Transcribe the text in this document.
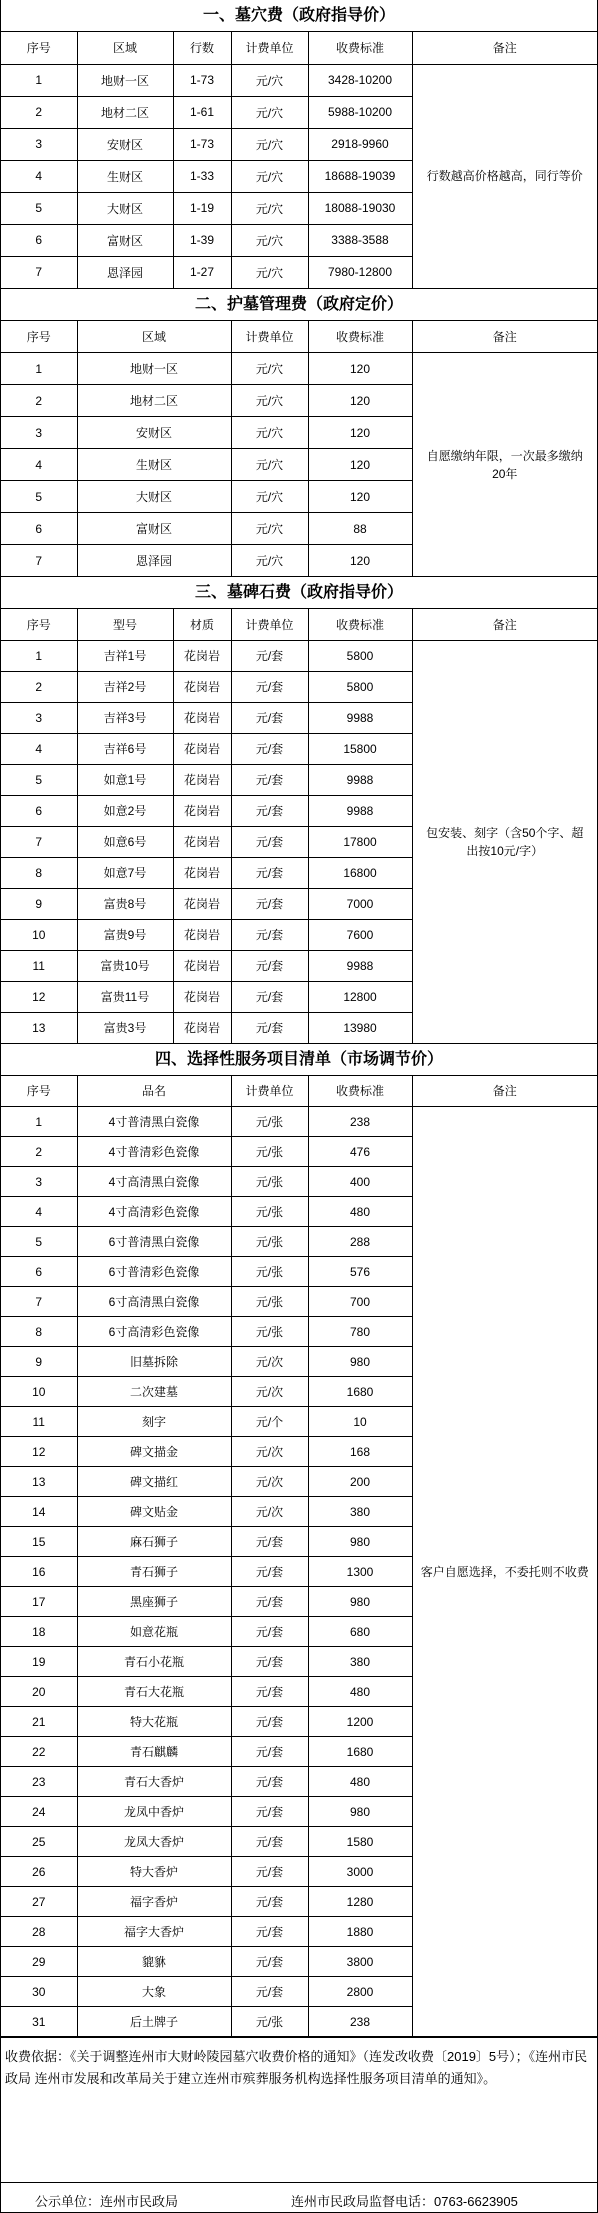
一、墓穴费（政府指导价）
序号	区域	行数	计费单位	收费标准	备注
1	地财一区	1-73	元/穴	3428-10200	行数越高价格越高，同行等价
2	地材二区	1-61	元/穴	5988-10200	
3	安财区	1-73	元/穴	2918-9960	
4	生财区	1-33	元/穴	18688-19039	
5	大财区	1-19	元/穴	18088-19030	
6	富财区	1-39	元/穴	3388-3588	
7	恩泽园	1-27	元/穴	7980-12800	
二、护墓管理费（政府定价）
序号	区域	计费单位	收费标准	备注
1	地财一区	元/穴	120	自愿缴纳年限，一次最多缴纳20年
2	地材二区	元/穴	120	
3	安财区	元/穴	120	
4	生财区	元/穴	120	
5	大财区	元/穴	120	
6	富财区	元/穴	88	
7	恩泽园	元/穴	120	
三、墓碑石费（政府指导价）
序号	型号	材质	计费单位	收费标准	备注
1	吉祥1号	花岗岩	元/套	5800	包安装、刻字（含50个字、超出按10元/字）
2	吉祥2号	花岗岩	元/套	5800	
3	吉祥3号	花岗岩	元/套	9988	
4	吉祥6号	花岗岩	元/套	15800	
5	如意1号	花岗岩	元/套	9988	
6	如意2号	花岗岩	元/套	9988	
7	如意6号	花岗岩	元/套	17800	
8	如意7号	花岗岩	元/套	16800	
9	富贵8号	花岗岩	元/套	7000	
10	富贵9号	花岗岩	元/套	7600	
11	富贵10号	花岗岩	元/套	9988	
12	富贵11号	花岗岩	元/套	12800	
13	富贵3号	花岗岩	元/套	13980	
四、选择性服务项目清单（市场调节价）
序号	品名	计费单位	收费标准	备注
1	4寸普清黑白瓷像	元/张	238	客户自愿选择，不委托则不收费
2	4寸普清彩色瓷像	元/张	476	
3	4寸高清黑白瓷像	元/张	400	
4	4寸高清彩色瓷像	元/张	480	
5	6寸普清黑白瓷像	元/张	288	
6	6寸普清彩色瓷像	元/张	576	
7	6寸高清黑白瓷像	元/张	700	
8	6寸高清彩色瓷像	元/张	780	
9	旧墓拆除	元/次	980	
10	二次建墓	元/次	1680	
11	刻字	元/个	10	
12	碑文描金	元/次	168	
13	碑文描红	元/次	200	
14	碑文贴金	元/次	380	
15	麻石狮子	元/套	980	
16	青石狮子	元/套	1300	
17	黑座狮子	元/套	980	
18	如意花瓶	元/套	680	
19	青石小花瓶	元/套	380	
20	青石大花瓶	元/套	480	
21	特大花瓶	元/套	1200	
22	青石麒麟	元/套	1680	
23	青石大香炉	元/套	480	
24	龙凤中香炉	元/套	980	
25	龙凤大香炉	元/套	1580	
26	特大香炉	元/套	3000	
27	福字香炉	元/套	1280	
28	福字大香炉	元/套	1880	
29	貔貅	元/套	3800	
30	大象	元/套	2800	
31	后土牌子	元/张	238	
收费依据：《关于调整连州市大财岭陵园墓穴收费价格的通知》（连发改收费〔2019〕5号）；《连州市民政局 连州市发展和改革局关于建立连州市殡葬服务机构选择性服务项目清单的通知》。
公示单位：连州市民政局	连州市民政局监督电话：0763-6623905
